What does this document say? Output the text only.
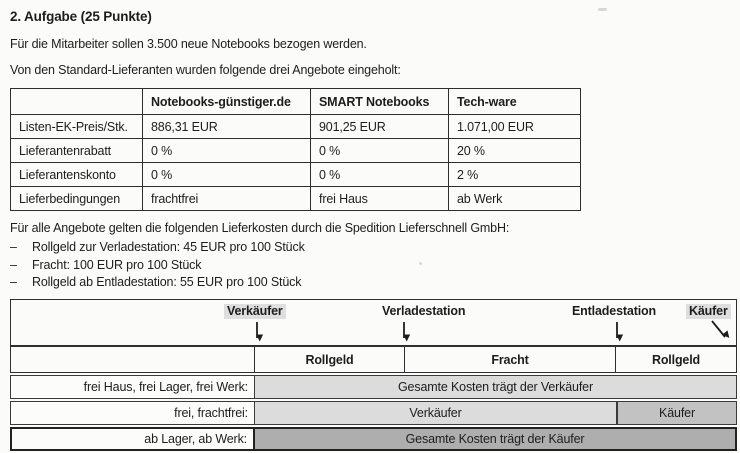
2. Aufgabe (25 Punkte)
Für die Mitarbeiter sollen 3.500 neue Notebooks bezogen werden.
Von den Standard-Lieferanten wurden folgende drei Angebote eingeholt:
	Notebooks-günstiger.de	SMART Notebooks	Tech-ware
Listen-EK-Preis/Stk.	886,31 EUR	901,25 EUR	1.071,00 EUR
Lieferantenrabatt	0 %	0 %	20 %
Lieferantenskonto	0 %	0 %	2 %
Lieferbedingungen	frachtfrei	frei Haus	ab Werk
Für alle Angebote gelten die folgenden Lieferkosten durch die Spedition Lieferschnell GmbH:
–	Rollgeld zur Verladestation: 45 EUR pro 100 Stück
–	Fracht: 100 EUR pro 100 Stück
–	Rollgeld ab Entladestation: 55 EUR pro 100 Stück
Verkäufer	Verladestation	Entladestation	Käufer
Rollgeld	Fracht	Rollgeld
frei Haus, frei Lager, frei Werk:	Gesamte Kosten trägt der Verkäufer
frei, frachtfrei:	Verkäufer	Käufer
ab Lager, ab Werk:	Gesamte Kosten trägt der Käufer
